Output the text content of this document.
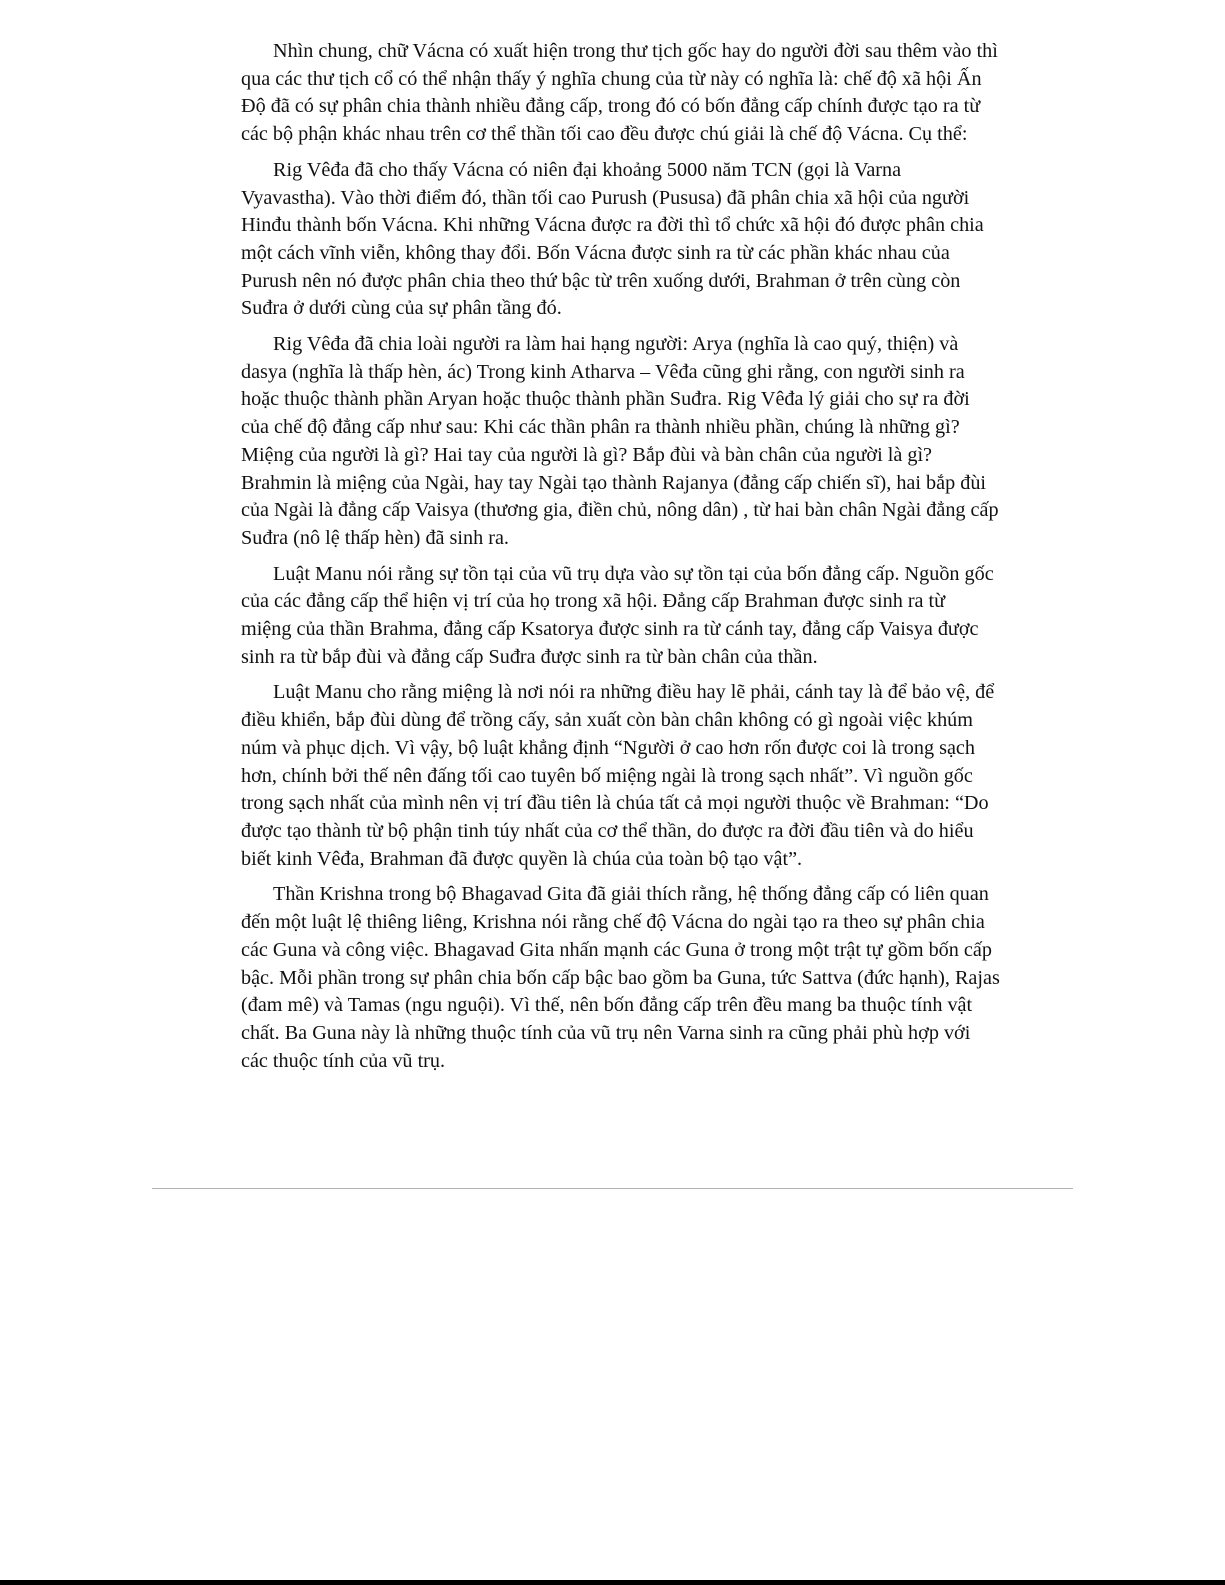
Nhìn chung, chữ Vácna có xuất hiện trong thư tịch gốc hay do người đời sau thêm vào thì qua các thư tịch cổ có thể nhận thấy ý nghĩa chung của từ này có nghĩa là: chế độ xã hội Ấn Độ đã có sự phân chia thành nhiều đẳng cấp, trong đó có bốn đẳng cấp chính được tạo ra từ các bộ phận khác nhau trên cơ thể thần tối cao đều được chú giải là chế độ Vácna. Cụ thể:

Rig Vêđa đã cho thấy Vácna có niên đại khoảng 5000 năm TCN (gọi là Varna Vyavastha). Vào thời điểm đó, thần tối cao Purush (Pususa) đã phân chia xã hội của người Hinđu thành bốn Vácna. Khi những Vácna được ra đời thì tổ chức xã hội đó được phân chia một cách vĩnh viễn, không thay đổi. Bốn Vácna được sinh ra từ các phần khác nhau của Purush nên nó được phân chia theo thứ bậc từ trên xuống dưới, Brahman ở trên cùng còn Suđra ở dưới cùng của sự phân tầng đó.

Rig Vêđa đã chia loài người ra làm hai hạng người: Arya (nghĩa là cao quý, thiện) và dasya (nghĩa là thấp hèn, ác) Trong kinh Atharva – Vêđa cũng ghi rằng, con người sinh ra hoặc thuộc thành phần Aryan hoặc thuộc thành phần Suđra. Rig Vêđa lý giải cho sự ra đời của chế độ đẳng cấp như sau: Khi các thần phân ra thành nhiều phần, chúng là những gì? Miệng của người là gì? Hai tay của người là gì? Bắp đùi và bàn chân của người là gì? Brahmin là miệng của Ngài, hay tay Ngài tạo thành Rajanya (đẳng cấp chiến sĩ), hai bắp đùi của Ngài là đẳng cấp Vaisya (thương gia, điền chủ, nông dân) , từ hai bàn chân Ngài đẳng cấp Suđra (nô lệ thấp hèn) đã sinh ra.

Luật Manu nói rằng sự tồn tại của vũ trụ dựa vào sự tồn tại của bốn đẳng cấp. Nguồn gốc của các đẳng cấp thể hiện vị trí của họ trong xã hội. Đẳng cấp Brahman được sinh ra từ miệng của thần Brahma, đẳng cấp Ksatorya được sinh ra từ cánh tay, đẳng cấp Vaisya được sinh ra từ bắp đùi và đẳng cấp Suđra được sinh ra từ bàn chân của thần.

Luật Manu cho rằng miệng là nơi nói ra những điều hay lẽ phải, cánh tay là để bảo vệ, để điều khiển, bắp đùi dùng để trồng cấy, sản xuất còn bàn chân không có gì ngoài việc khúm núm và phục dịch. Vì vậy, bộ luật khẳng định “Người ở cao hơn rốn được coi là trong sạch hơn, chính bởi thế nên đấng tối cao tuyên bố miệng ngài là trong sạch nhất”. Vì nguồn gốc trong sạch nhất của mình nên vị trí đầu tiên là chúa tất cả mọi người thuộc về Brahman: “Do được tạo thành từ bộ phận tinh túy nhất của cơ thể thần, do được ra đời đầu tiên và do hiểu biết kinh Vêđa, Brahman đã được quyền là chúa của toàn bộ tạo vật”.

Thần Krishna trong bộ Bhagavad Gita đã giải thích rằng, hệ thống đẳng cấp có liên quan đến một luật lệ thiêng liêng, Krishna nói rằng chế độ Vácna do ngài tạo ra theo sự phân chia các Guna và công việc. Bhagavad Gita nhấn mạnh các Guna ở trong một trật tự gồm bốn cấp bậc. Mỗi phần trong sự phân chia bốn cấp bậc bao gồm ba Guna, tức Sattva (đức hạnh), Rajas (đam mê) và Tamas (ngu nguội). Vì thế, nên bốn đẳng cấp trên đều mang ba thuộc tính vật chất. Ba Guna này là những thuộc tính của vũ trụ nên Varna sinh ra cũng phải phù hợp với các thuộc tính của vũ trụ.
